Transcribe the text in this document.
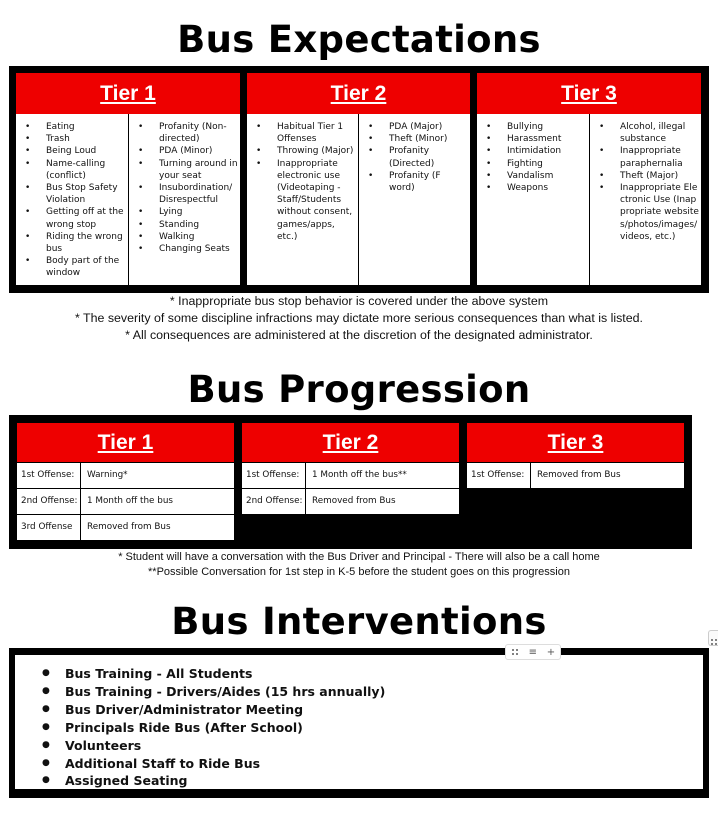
Bus Expectations
Tier 1
• Eating
• Trash
• Being Loud
• Name-calling (conflict)
• Bus Stop Safety Violation
• Getting off at the wrong stop
• Riding the wrong bus
• Body part of the window
• Profanity (Non-directed)
• PDA (Minor)
• Turning around in your seat
• Insubordination/ Disrespectful
• Lying
• Standing
• Walking
• Changing Seats
Tier 2
• Habitual Tier 1 Offenses
• Throwing (Major)
• Inappropriate electronic use (Videotaping - Staff/Students without consent, games/apps, etc.)
• PDA (Major)
• Theft (Minor)
• Profanity (Directed)
• Profanity (F word)
Tier 3
• Bullying
• Harassment
• Intimidation
• Fighting
• Vandalism
• Weapons
• Alcohol, illegal substance
• Inappropriate paraphernalia
• Theft (Major)
• Inappropriate Electronic Use (Inappropriate websites/photos/images/videos, etc.)
* Inappropriate bus stop behavior is covered under the above system
* The severity of some discipline infractions may dictate more serious consequences than what is listed.
* All consequences are administered at the discretion of the designated administrator.
Bus Progression
Tier 1
1st Offense:	Warning*
2nd Offense:	1 Month off the bus
3rd Offense	Removed from Bus
Tier 2
1st Offense:	1 Month off the bus**
2nd Offense:	Removed from Bus
Tier 3
1st Offense:	Removed from Bus
* Student will have a conversation with the Bus Driver and Principal - There will also be a call home
**Possible Conversation for 1st step in K-5 before the student goes on this progression
Bus Interventions
● Bus Training - All Students
● Bus Training - Drivers/Aides (15 hrs annually)
● Bus Driver/Administrator Meeting
● Principals Ride Bus (After School)
● Volunteers
● Additional Staff to Ride Bus
● Assigned Seating
≡ +
